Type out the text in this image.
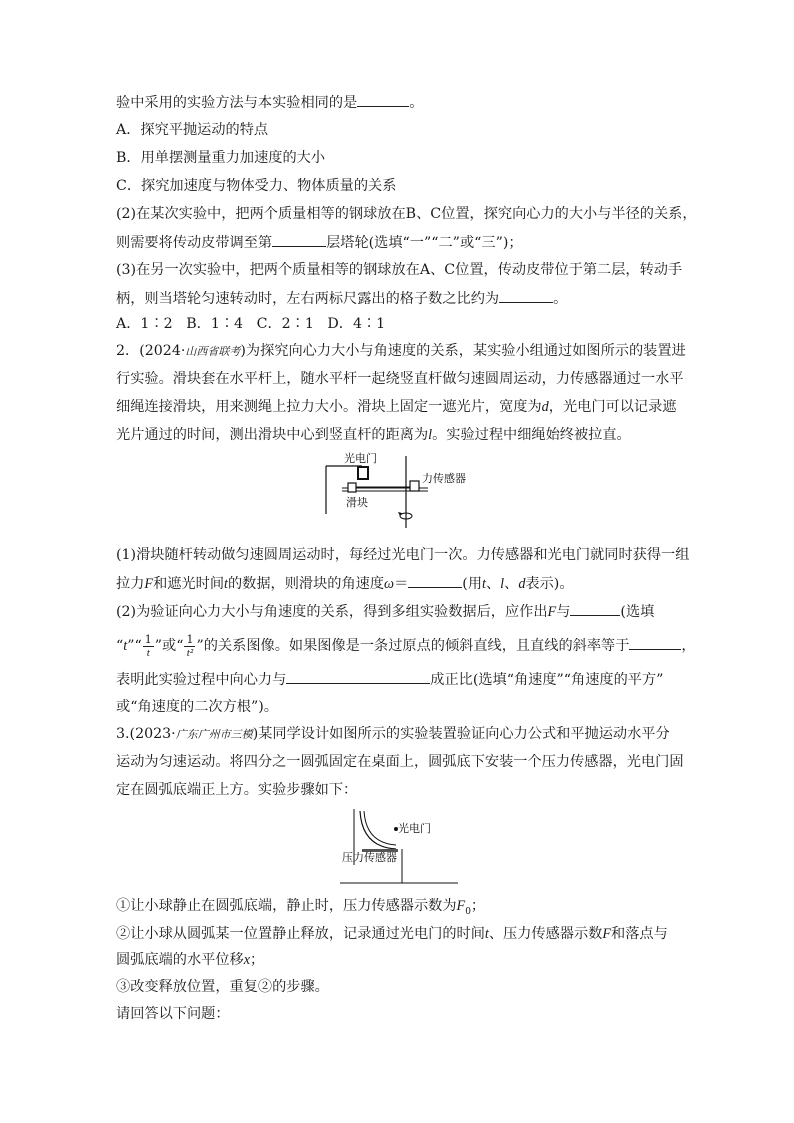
验中采用的实验方法与本实验相同的是	。
A．探究平抛运动的特点
B．用单摆测量重力加速度的大小
C．探究加速度与物体受力、物体质量的关系
(2)在某次实验中，把两个质量相等的钢球放在B、C位置，探究向心力的大小与半径的关系，
则需要将传动皮带调至第	层塔轮(选填“一”“二”或“三”)；
(3)在另一次实验中，把两个质量相等的钢球放在A、C位置，传动皮带位于第二层，转动手
柄，则当塔轮匀速转动时，左右两标尺露出的格子数之比约为	。
A．1∶2   B．1∶4   C．2∶1   D．4∶1
2．(2024·山西省联考)为探究向心力大小与角速度的关系，某实验小组通过如图所示的装置进
行实验。滑块套在水平杆上，随水平杆一起绕竖直杆做匀速圆周运动，力传感器通过一水平
细绳连接滑块，用来测绳上拉力大小。滑块上固定一遮光片，宽度为d，光电门可以记录遮
光片通过的时间，测出滑块中心到竖直杆的距离为l。实验过程中细绳始终被拉直。
光电门
力传感器
滑块
(1)滑块随杆转动做匀速圆周运动时，每经过光电门一次。力传感器和光电门就同时获得一组
拉力F和遮光时间t的数据，则滑块的角速度ω＝	(用t、l、d表示)。
(2)为验证向心力大小与角速度的关系，得到多组实验数据后，应作出F与	(选填
“t”“ $\frac{1}{t}$ ”或“ $\frac{1}{\text{t²}}$ ”的关系图像。如果图像是一条过原点的倾斜直线，且直线的斜率等于	，
表明此实验过程中向心力与	成正比(选填“角速度”“角速度的平方”
或“角速度的二次方根”)。
3.(2023·广东广州市三模)某同学设计如图所示的实验装置验证向心力公式和平抛运动水平分
运动为匀速运动。将四分之一圆弧固定在桌面上，圆弧底下安装一个压力传感器，光电门固
定在圆弧底端正上方。实验步骤如下：
光电门
压力传感器
①让小球静止在圆弧底端，静止时，压力传感器示数为$F_0$；
②让小球从圆弧某一位置静止释放，记录通过光电门的时间t、压力传感器示数F和落点与
圆弧底端的水平位移x；
③改变释放位置，重复②的步骤。
请回答以下问题：
